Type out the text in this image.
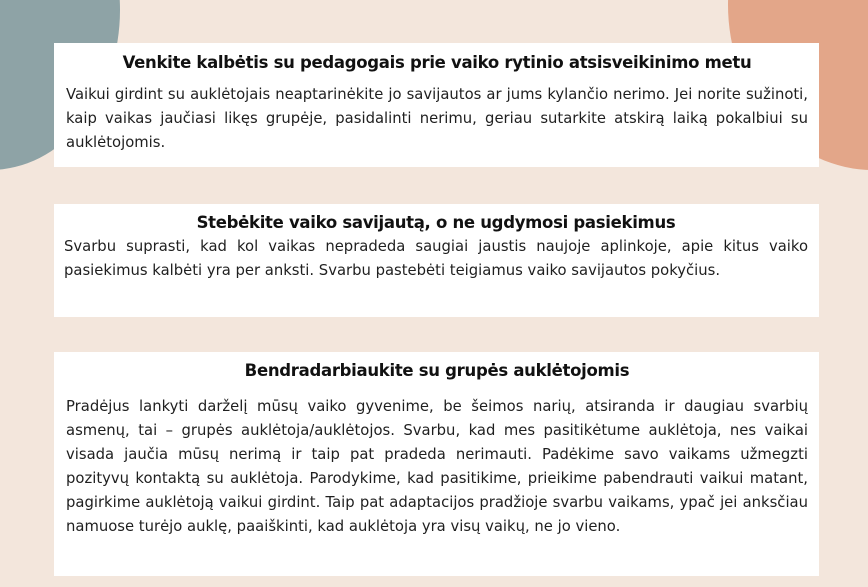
Venkite kalbėtis su pedagogais prie vaiko rytinio atsisveikinimo metu

Vaikui girdint su auklėtojais neaptarinėkite jo savijautos ar jums kylančio nerimo. Jei norite sužinoti, kaip vaikas jaučiasi likęs grupėje, pasidalinti nerimu, geriau sutarkite atskirą laiką pokalbiui su auklėtojomis.

Stebėkite vaiko savijautą, o ne ugdymosi pasiekimus

Svarbu suprasti, kad kol vaikas nepradeda saugiai jaustis naujoje aplinkoje, apie kitus vaiko pasiekimus kalbėti yra per anksti. Svarbu pastebėti teigiamus vaiko savijautos pokyčius.

Bendradarbiaukite su grupės auklėtojomis

Pradėjus lankyti darželį mūsų vaiko gyvenime, be šeimos narių, atsiranda ir daugiau svarbių asmenų, tai – grupės auklėtoja/auklėtojos. Svarbu, kad mes pasitikėtume auklėtoja, nes vaikai visada jaučia mūsų nerimą ir taip pat pradeda nerimauti. Padėkime savo vaikams užmegzti pozityvų kontaktą su auklėtoja. Parodykime, kad pasitikime, prieikime pabendrauti vaikui matant, pagirkime auklėtoją vaikui girdint. Taip pat adaptacijos pradžioje svarbu vaikams, ypač jei anksčiau namuose turėjo auklę, paaiškinti, kad auklėtoja yra visų vaikų, ne jo vieno.
